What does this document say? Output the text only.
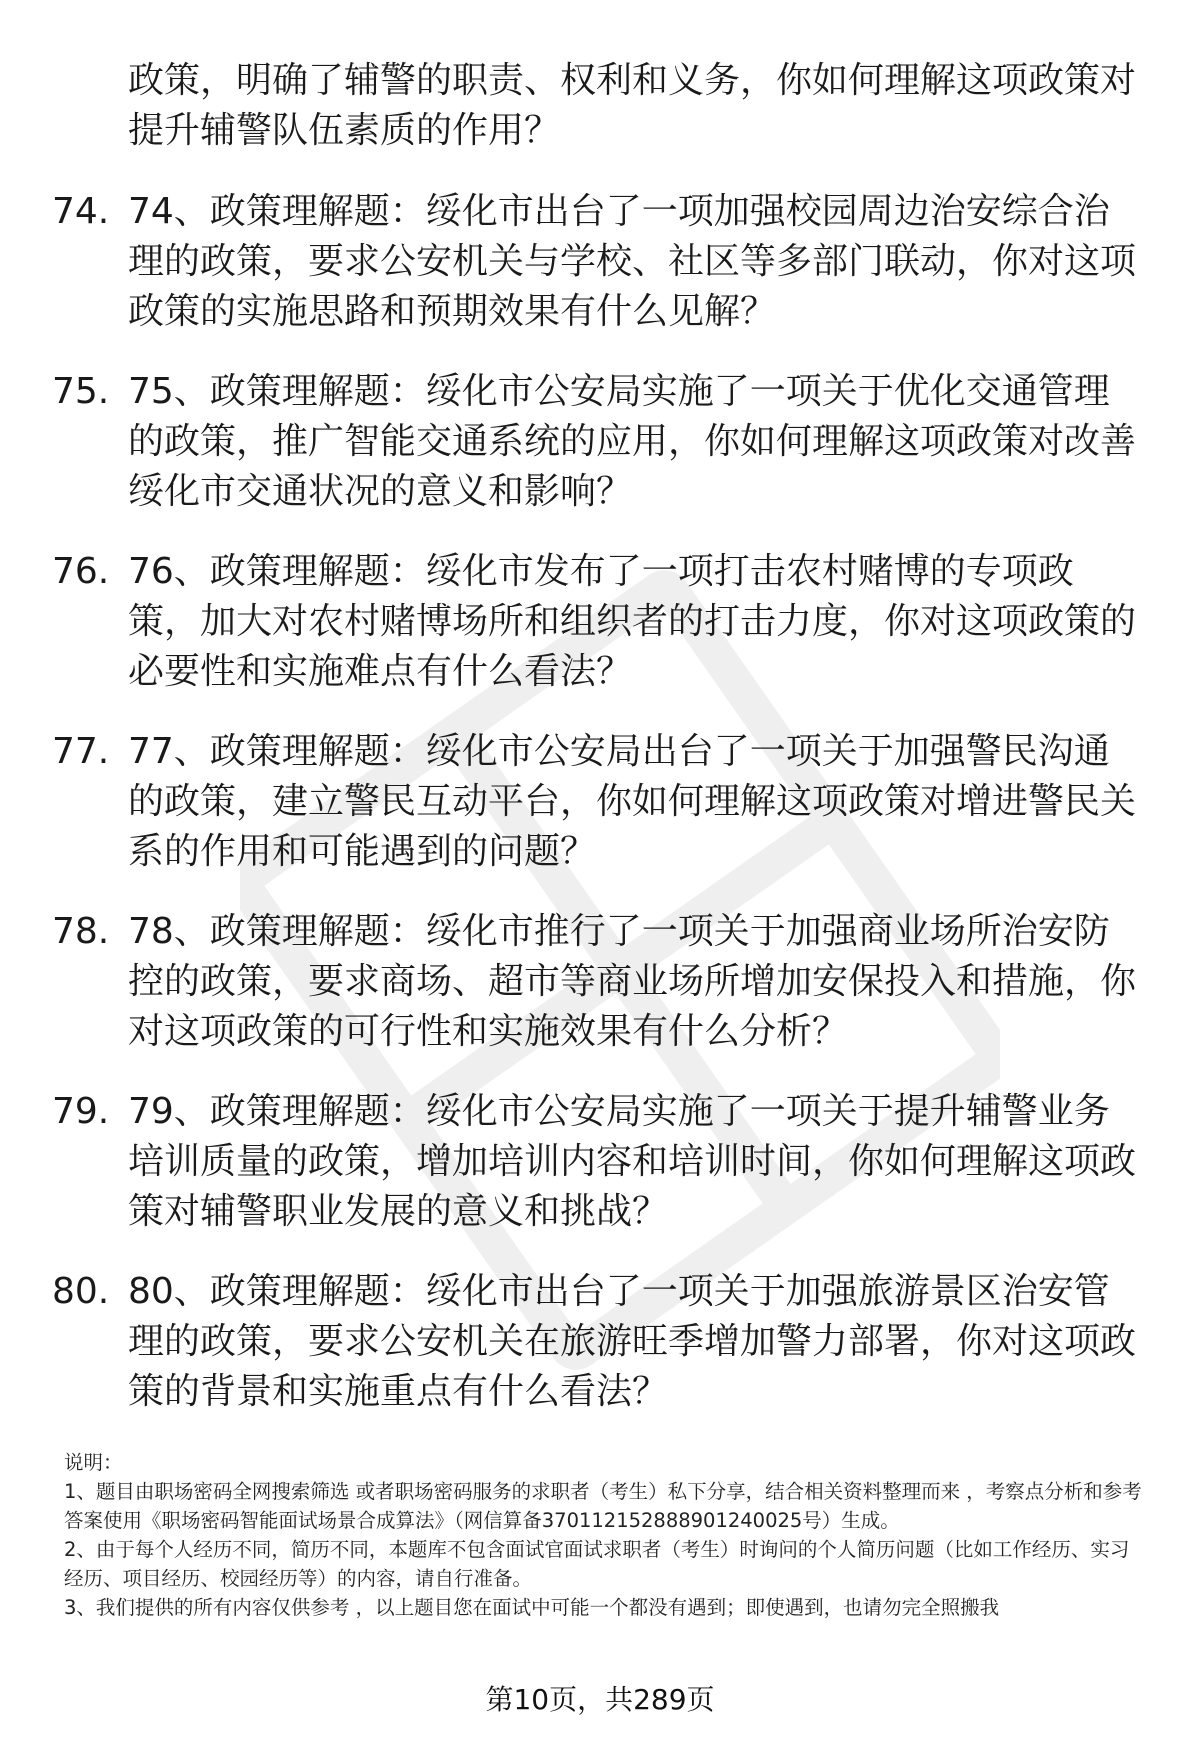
政策，明确了辅警的职责、权利和义务，你如何理解这项政策对提升辅警队伍素质的作用？
74. 74、政策理解题：绥化市出台了一项加强校园周边治安综合治理的政策，要求公安机关与学校、社区等多部门联动，你对这项政策的实施思路和预期效果有什么见解？
75. 75、政策理解题：绥化市公安局实施了一项关于优化交通管理的政策，推广智能交通系统的应用，你如何理解这项政策对改善绥化市交通状况的意义和影响？
76. 76、政策理解题：绥化市发布了一项打击农村赌博的专项政策，加大对农村赌博场所和组织者的打击力度，你对这项政策的必要性和实施难点有什么看法？
77. 77、政策理解题：绥化市公安局出台了一项关于加强警民沟通的政策，建立警民互动平台，你如何理解这项政策对增进警民关系的作用和可能遇到的问题？
78. 78、政策理解题：绥化市推行了一项关于加强商业场所治安防控的政策，要求商场、超市等商业场所增加安保投入和措施，你对这项政策的可行性和实施效果有什么分析？
79. 79、政策理解题：绥化市公安局实施了一项关于提升辅警业务培训质量的政策，增加培训内容和培训时间，你如何理解这项政策对辅警职业发展的意义和挑战？
80. 80、政策理解题：绥化市出台了一项关于加强旅游景区治安管理的政策，要求公安机关在旅游旺季增加警力部署，你对这项政策的背景和实施重点有什么看法？

说明：

1、题目由职场密码全网搜索筛选 或者职场密码服务的求职者（考生）私下分享，结合相关资料整理而来 ，考察点分析和参考答案使用《职场密码智能面试场景合成算法》（网信算备370112152888901240025号）生成。

2、由于每个人经历不同，简历不同，本题库不包含面试官面试求职者（考生）时询问的个人简历问题（比如工作经历、实习经历、项目经历、校园经历等）的内容，请自行准备。

3、我们提供的所有内容仅供参考 ，以上题目您在面试中可能一个都没有遇到；即使遇到，也请勿完全照搬我

第10页，共289页
